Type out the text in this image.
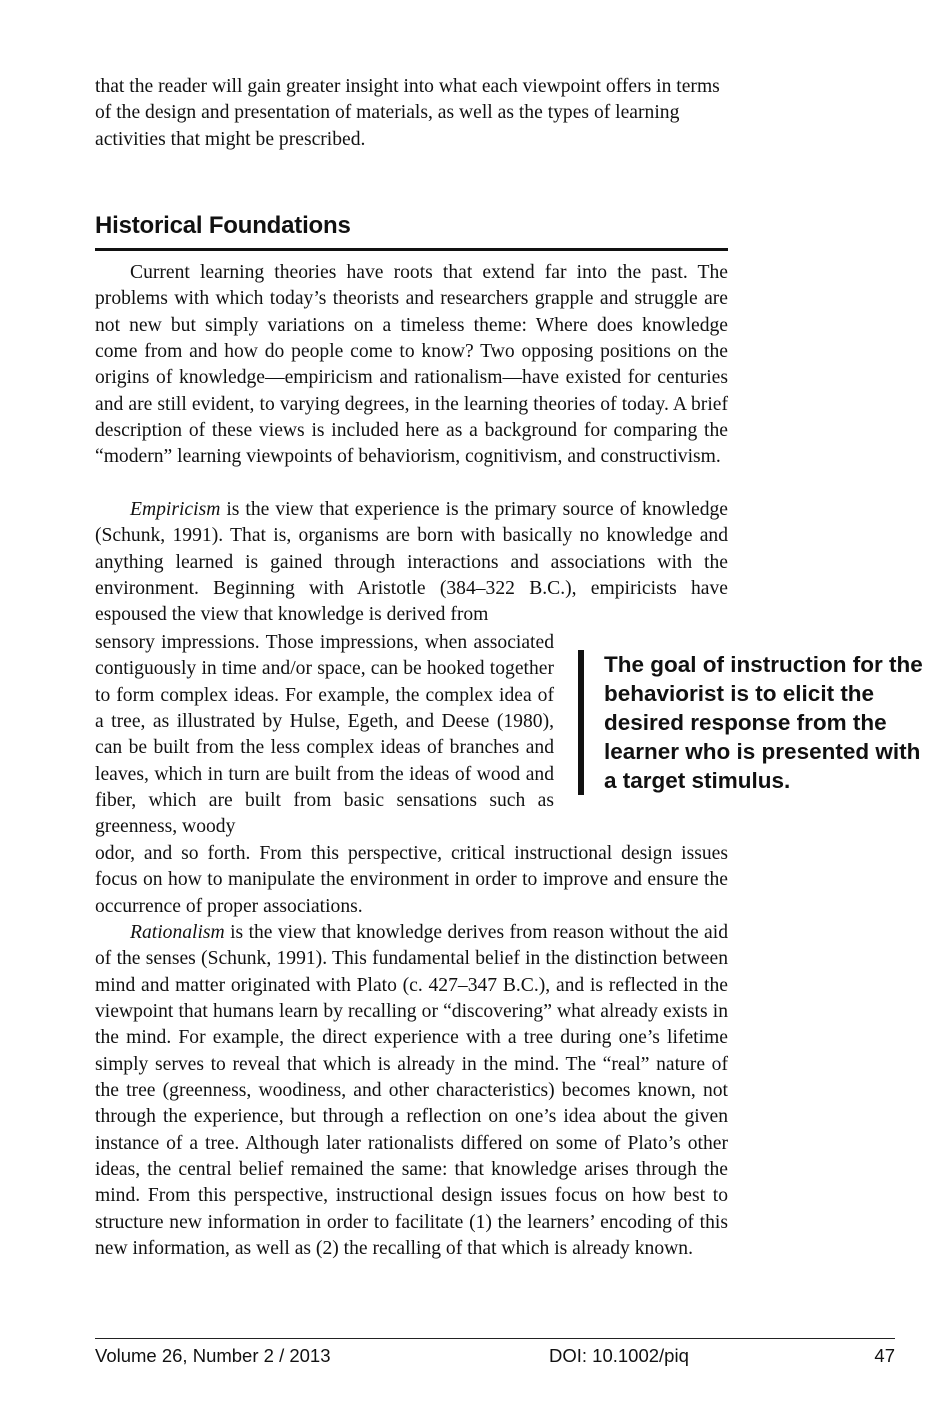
that the reader will gain greater insight into what each viewpoint offers in terms of the design and presentation of materials, as well as the types of learning activities that might be prescribed.

Historical Foundations

Current learning theories have roots that extend far into the past. The problems with which today’s theorists and researchers grapple and struggle are not new but simply variations on a timeless theme: Where does knowledge come from and how do people come to know? Two opposing positions on the origins of knowledge—empiricism and rationalism—have existed for centuries and are still evident, to varying degrees, in the learning theories of today. A brief description of these views is included here as a background for comparing the “modern” learning viewpoints of behaviorism, cognitivism, and constructivism.

Empiricism is the view that experience is the primary source of knowledge (Schunk, 1991). That is, organisms are born with basically no knowledge and anything learned is gained through interactions and associations with the environment. Beginning with Aristotle (384–322 B.C.), empiricists have espoused the view that knowledge is derived from

sensory impressions. Those impressions, when associated contiguously in time and/or space, can be hooked together to form complex ideas. For example, the complex idea of a tree, as illustrated by Hulse, Egeth, and Deese (1980), can be built from the less complex ideas of branches and leaves, which in turn are built from the ideas of wood and fiber, which are built from basic sensations such as greenness, woody

The goal of instruction for the behaviorist is to elicit the desired response from the learner who is presented with a target stimulus.

odor, and so forth. From this perspective, critical instructional design issues focus on how to manipulate the environment in order to improve and ensure the occurrence of proper associations.

Rationalism is the view that knowledge derives from reason without the aid of the senses (Schunk, 1991). This fundamental belief in the distinction between mind and matter originated with Plato (c. 427–347 B.C.), and is reflected in the viewpoint that humans learn by recalling or “discovering” what already exists in the mind. For example, the direct experience with a tree during one’s lifetime simply serves to reveal that which is already in the mind. The “real” nature of the tree (greenness, woodiness, and other characteristics) becomes known, not through the experience, but through a reflection on one’s idea about the given instance of a tree. Although later rationalists differed on some of Plato’s other ideas, the central belief remained the same: that knowledge arises through the mind. From this perspective, instructional design issues focus on how best to structure new information in order to facilitate (1) the learners’ encoding of this new information, as well as (2) the recalling of that which is already known.

Volume 26, Number 2 / 2013	DOI: 10.1002/piq	47
